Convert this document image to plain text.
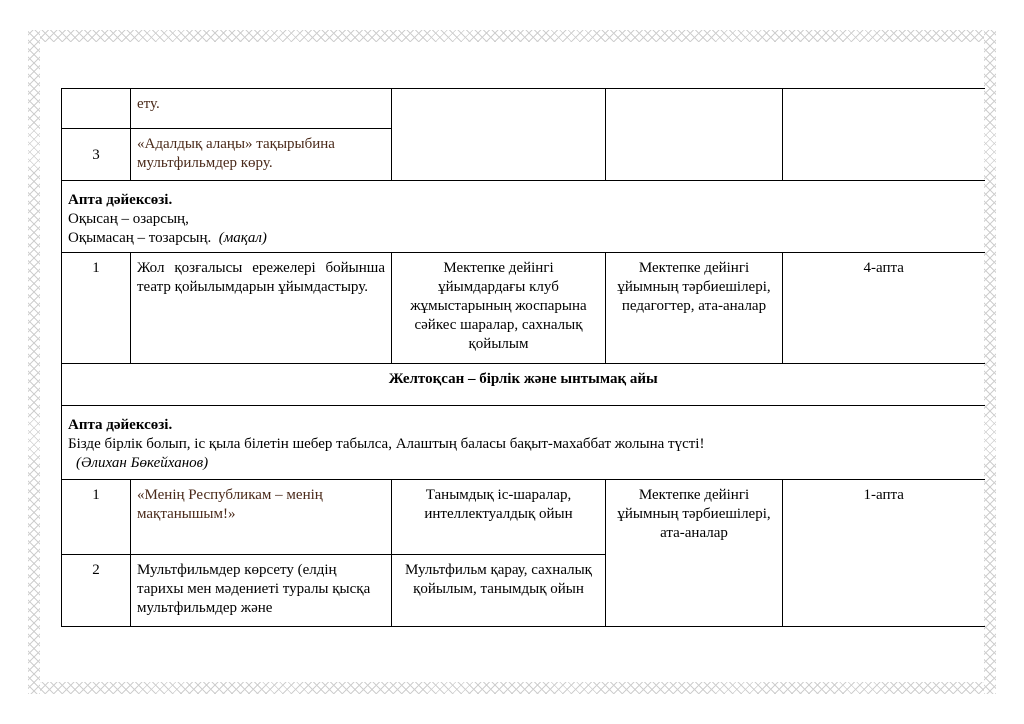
	ету.			
3	«Адалдық алаңы» тақырыбина мультфильмдер көру.			

Апта дәйексөзі.
Оқысаң – озарсың,
Оқымасаң – тозарсың. (мақал)				

1	Жол қозғалысы ережелері бойынша театр қойылымдарын ұйымдастыру.	Мектепке дейінгі ұйымдардағы клуб жұмыстарының жоспарына сәйкес шаралар, сахналық қойылым	Мектепке дейінгі ұйымның тәрбиешілері, педагогтер, ата-аналар	4-апта
Желтоқсан – бірлік және ынтымақ айы				

Апта дәйексөзі.
Бізде бірлік болып, іс қыла білетін шебер табылса, Алаштың баласы бақыт-махаббат жолына түсті!
(Әлихан Бөкейханов)				

1	«Менің Республикам – менің мақтанышым!»	Танымдық іс-шаралар, интеллектуалдық ойын	Мектепке дейінгі ұйымның тәрбиешілері, ата-аналар	1-апта
2	Мультфильмдер көрсету (елдің тарихы мен мәдениеті туралы қысқа мультфильмдер және	Мультфильм қарау, сахналық қойылым, танымдық ойын		
